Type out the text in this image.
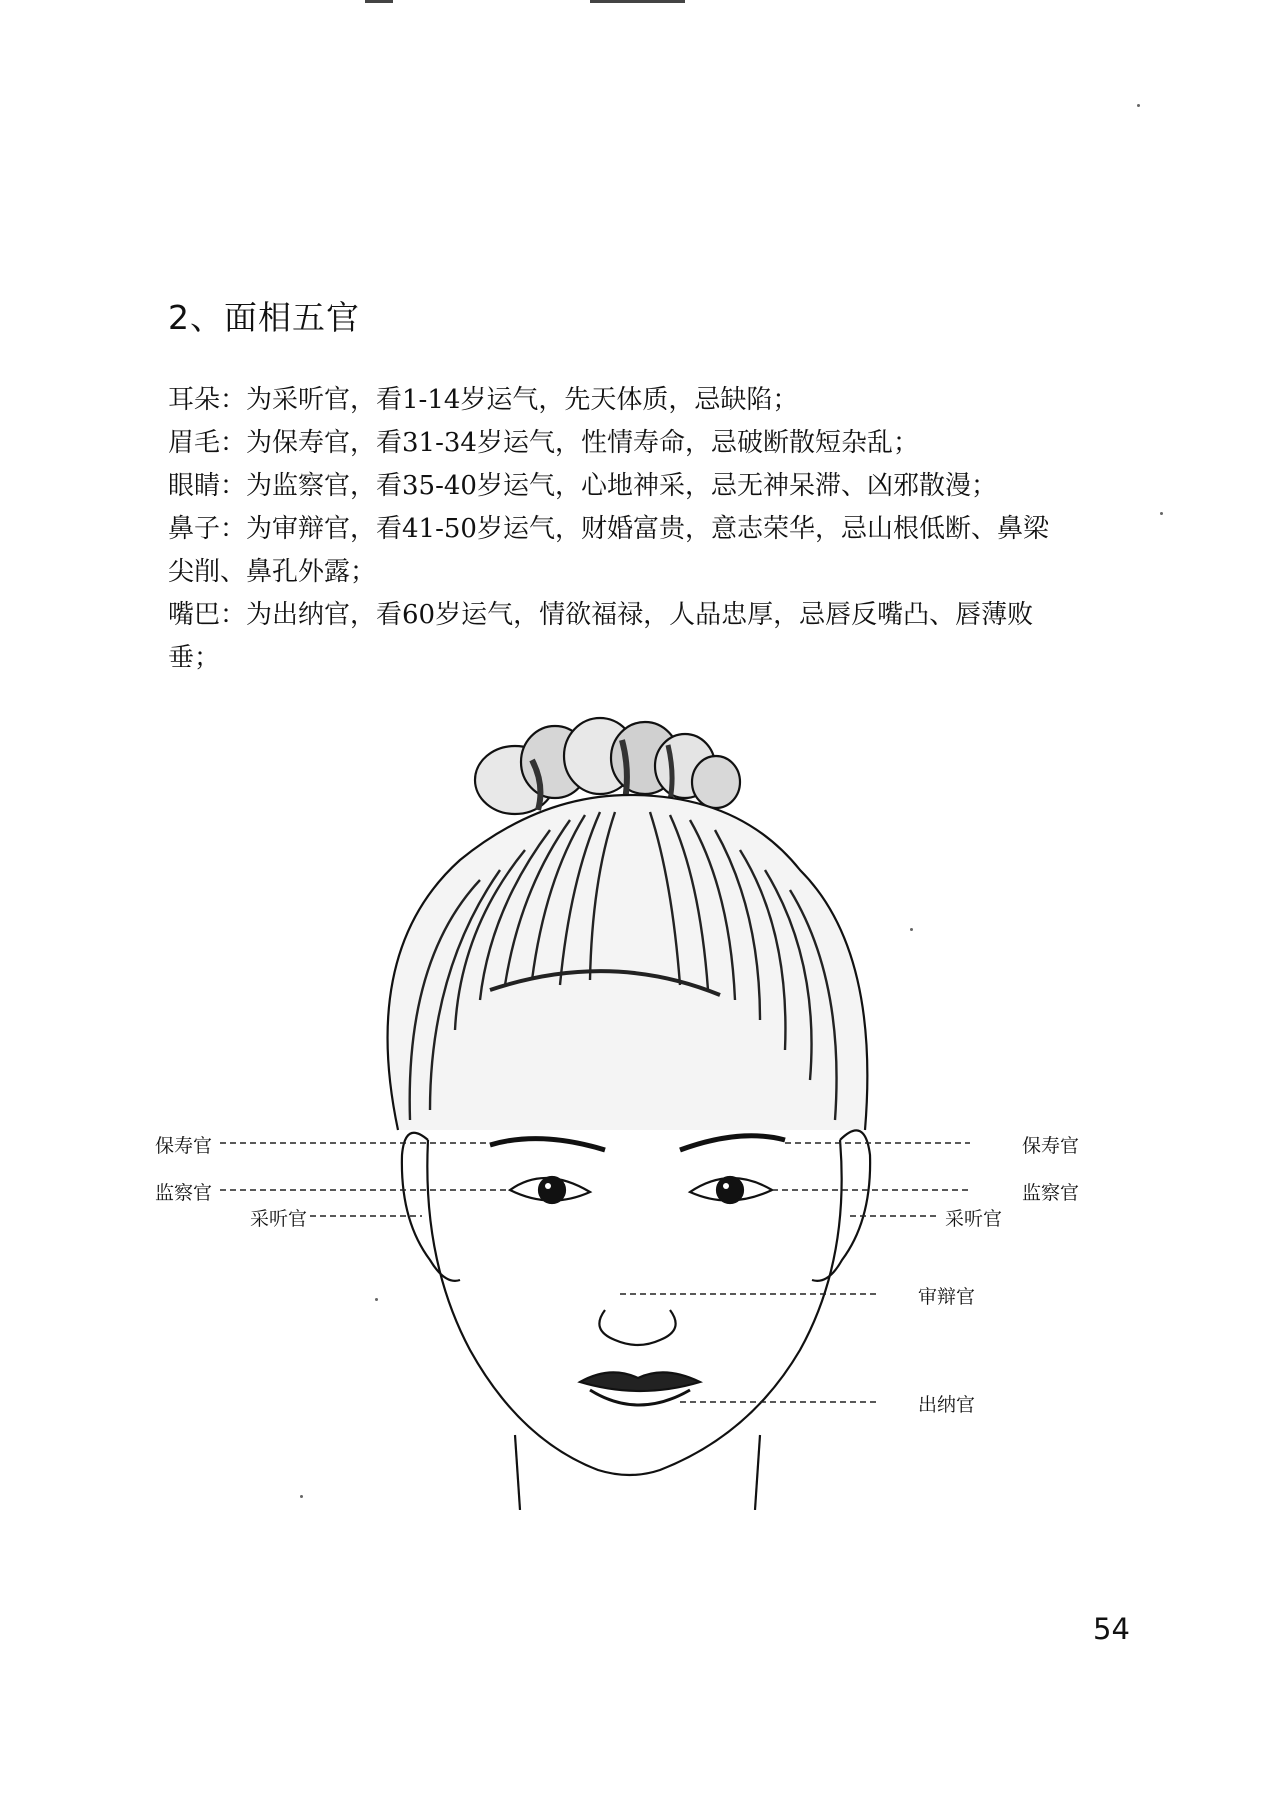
2、面相五官
耳朵：为采听官，看1-14岁运气，先天体质，忌缺陷；
眉毛：为保寿官，看31-34岁运气，性情寿命，忌破断散短杂乱；
眼睛：为监察官，看35-40岁运气，心地神采，忌无神呆滞、凶邪散漫；
鼻子：为审辩官，看41-50岁运气，财婚富贵，意志荣华，忌山根低断、鼻梁尖削、鼻孔外露；
嘴巴：为出纳官，看60岁运气，情欲福禄，人品忠厚，忌唇反嘴凸、唇薄败垂；
保寿官
监察官
采听官
保寿官
监察官
采听官
审辩官
出纳官
54
